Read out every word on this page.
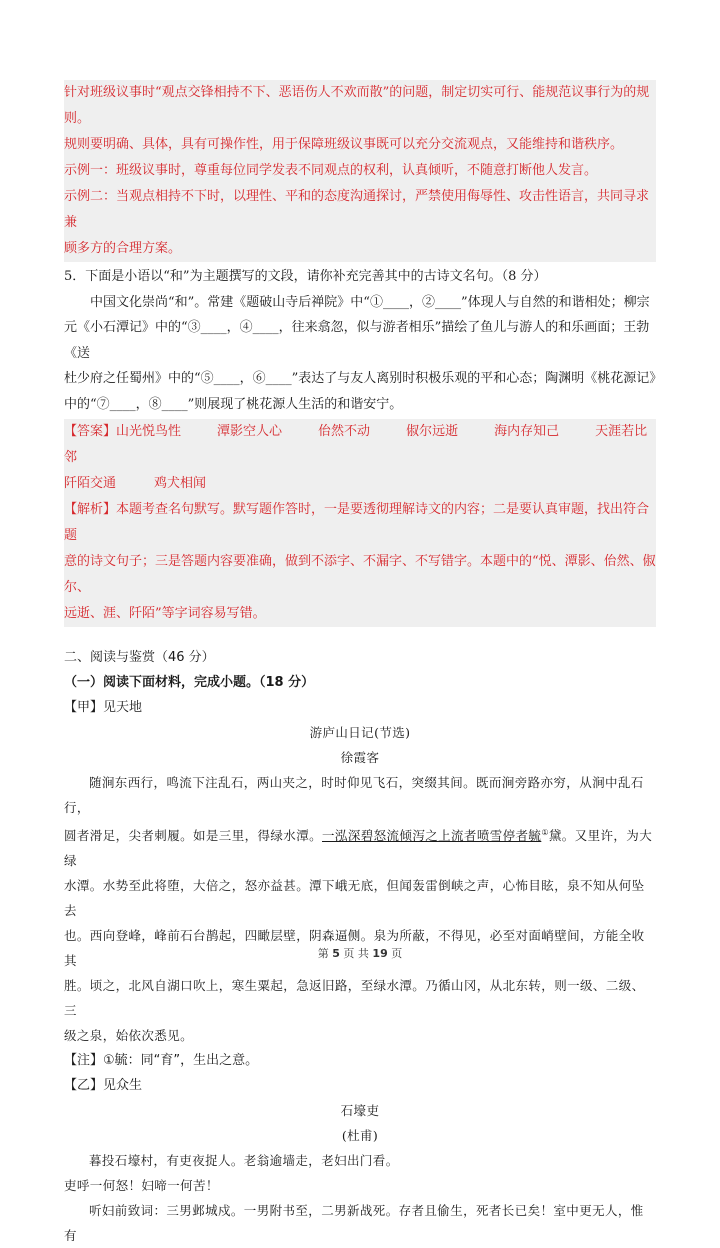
针对班级议事时“观点交锋相持不下、恶语伤人不欢而散”的问题，制定切实可行、能规范议事行为的规则。

规则要明确、具体，具有可操作性，用于保障班级议事既可以充分交流观点，又能维持和谐秩序。

示例一：班级议事时，尊重每位同学发表不同观点的权利，认真倾听，不随意打断他人发言。

示例二：当观点相持不下时，以理性、平和的态度沟通探讨，严禁使用侮辱性、攻击性语言，共同寻求兼

顾多方的合理方案。

5．下面是小语以“和”为主题撰写的文段，请你补充完善其中的古诗文名句。（8 分）

中国文化崇尚“和”。常建《题破山寺后禅院》中“①____，②____”体现人与自然的和谐相处；柳宗

元《小石潭记》中的“③____，④____，往来翕忽，似与游者相乐”描绘了鱼儿与游人的和乐画面；王勃《送

杜少府之任蜀州》中的“⑤____，⑥____”表达了与友人离别时积极乐观的平和心态；陶渊明《桃花源记》

中的“⑦____，⑧____”则展现了桃花源人生活的和谐安宁。

【答案】山光悦鸟性	潭影空人心	佁然不动	俶尔远逝	海内存知己	天涯若比邻

阡陌交通	鸡犬相闻

【解析】本题考查名句默写。默写题作答时，一是要透彻理解诗文的内容；二是要认真审题，找出符合题

意的诗文句子；三是答题内容要准确，做到不添字、不漏字、不写错字。本题中的“悦、潭影、佁然、俶尔、

远逝、涯、阡陌”等字词容易写错。

二、阅读与鉴赏（46 分）

（一）阅读下面材料，完成小题。（18 分）

【甲】见天地

游庐山日记(节选)

徐霞客

随涧东西行，鸣流下注乱石，两山夹之，时时仰见飞石，突缀其间。既而涧旁路亦穷，从涧中乱石行，

圆者滑足，尖者刺履。如是三里，得绿水潭。一泓深碧怒流倾泻之上流者喷雪停者毓①黛。又里许，为大绿

水潭。水势至此将堕，大倍之，怒亦益甚。潭下峨无底，但闻轰雷倒峡之声，心怖目眩，泉不知从何坠去

也。西向登峰，峰前石台鹊起，四瞰层壁，阴森逼侧。泉为所蔽，不得见，必至对面峭壁间，方能全收其

胜。顷之，北风自湖口吹上，寒生粟起，急返旧路，至绿水潭。乃循山冈，从北东转，则一级、二级、三

级之泉，始依次悉见。

【注】①毓：同“育”，生出之意。

【乙】见众生

石壕吏

(杜甫)

暮投石壕村，有吏夜捉人。老翁逾墙走，老妇出门看。

吏呼一何怒！妇啼一何苦！

听妇前致词：三男邺城戍。一男附书至，二男新战死。存者且偷生，死者长已矣！室中更无人，惟有

第 5 页 共 19 页
